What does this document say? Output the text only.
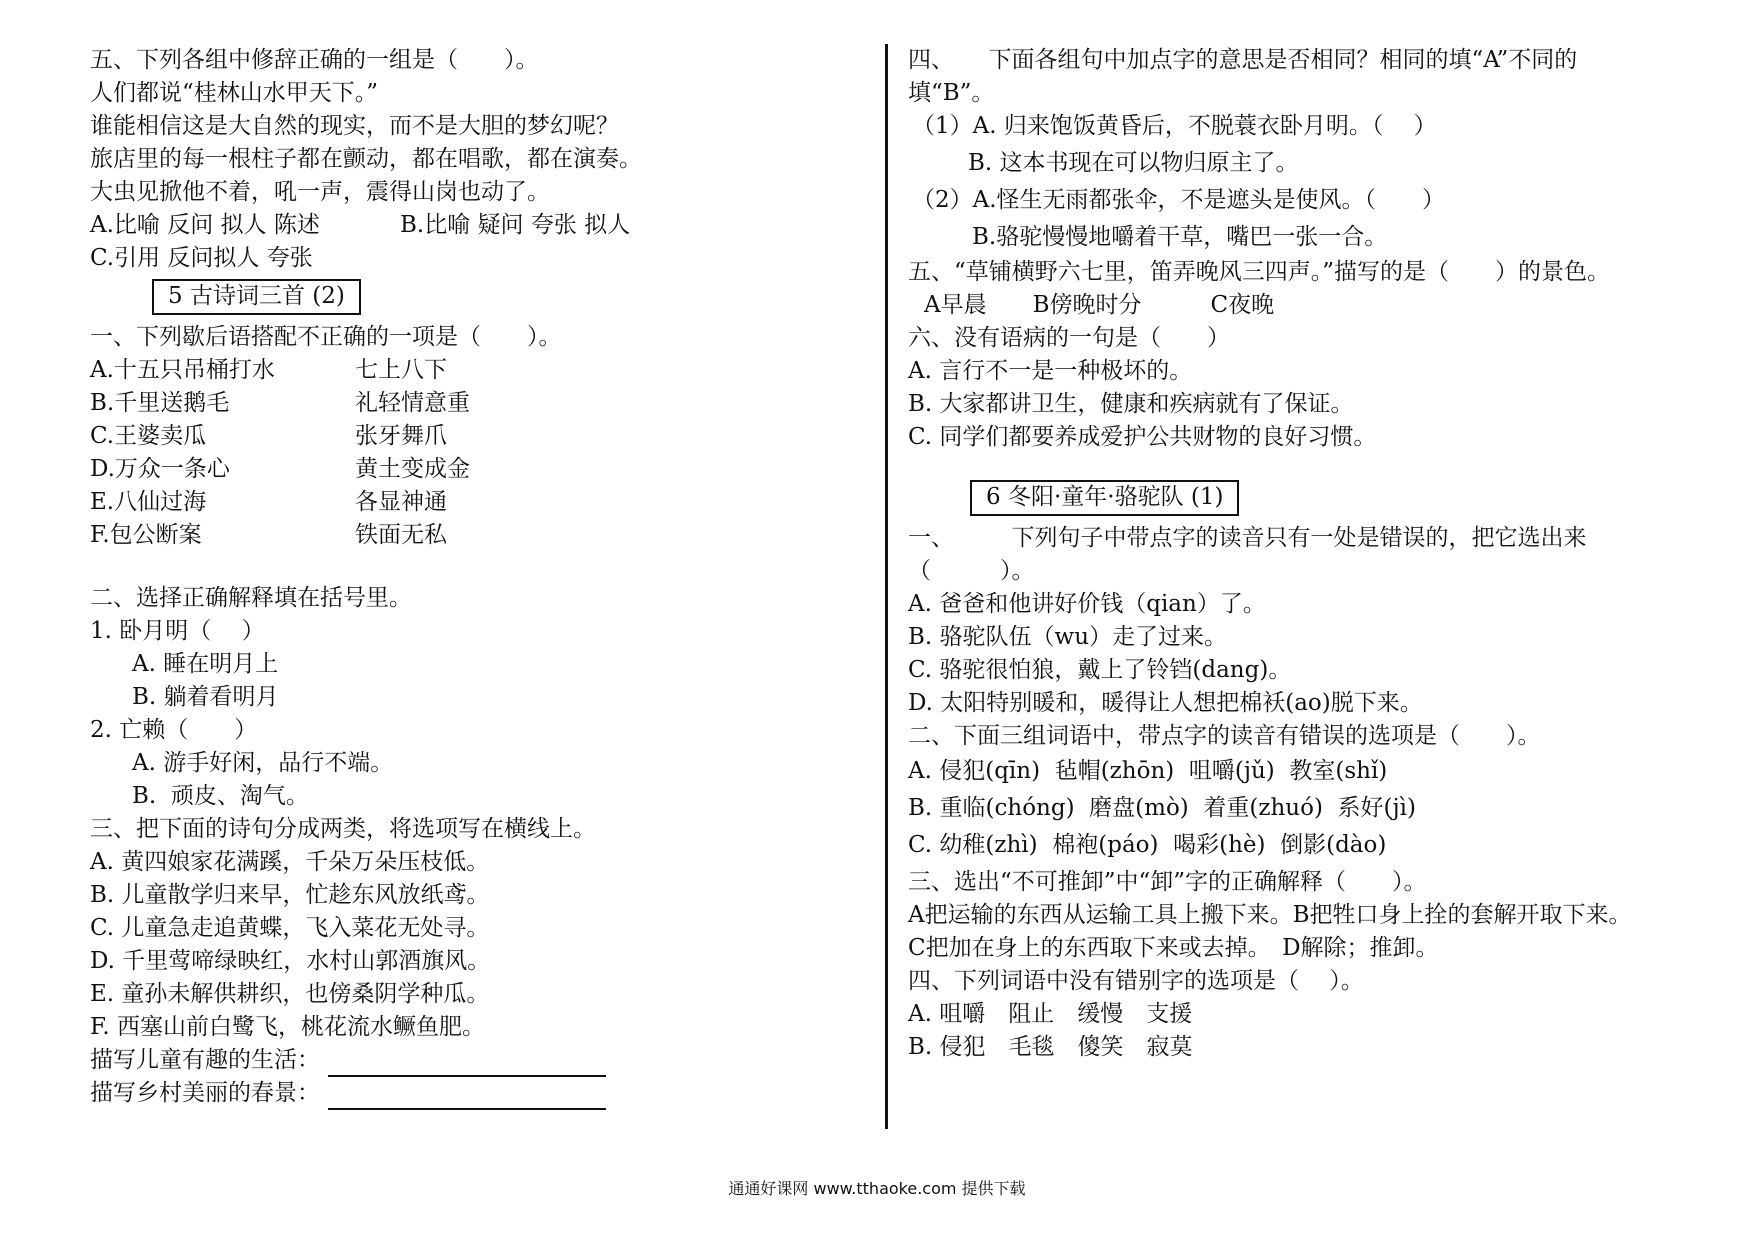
五、下列各组中修辞正确的一组是（　　）。
人们都说“桂林山水甲天下。”
谁能相信这是大自然的现实，而不是大胆的梦幻呢？
旅店里的每一根柱子都在颤动，都在唱歌，都在演奏。
大虫见掀他不着，吼一声，震得山岗也动了。
A.比喻 反问 拟人 陈述	B.比喻 疑问 夸张 拟人
C.引用 反问拟人 夸张
5 古诗词三首 (2)
一、下列歇后语搭配不正确的一项是（　　）。
A.十五只吊桶打水	七上八下
B.千里送鹅毛	礼轻情意重
C.王婆卖瓜	张牙舞爪
D.万众一条心	黄土变成金
E.八仙过海	各显神通
F.包公断案	铁面无私
二、选择正确解释填在括号里。
1. 卧月明（　 ）
A. 睡在明月上
B. 躺着看明月
2. 亡赖（　　）
A. 游手好闲，品行不端。
B.  顽皮、淘气。
三、把下面的诗句分成两类，将选项写在横线上。
A. 黄四娘家花满蹊，千朵万朵压枝低。
B. 儿童散学归来早，忙趁东风放纸鸢。
C. 儿童急走追黄蝶，飞入菜花无处寻。
D. 千里莺啼绿映红，水村山郭酒旗风。
E. 童孙未解供耕织，也傍桑阴学种瓜。
F. 西塞山前白鹭飞，桃花流水鳜鱼肥。
描写儿童有趣的生活：
描写乡村美丽的春景：
四、　　下面各组句中加点字的意思是否相同？相同的填“A”不同的
填“B”。
（1）A. 归来饱饭黄昏后，不脱蓑衣卧月明。（　 ）
B. 这本书现在可以物归原主了。
（2）A.怪生无雨都张伞，不是遮头是使风。（　　）
B.骆驼慢慢地嚼着干草，嘴巴一张一合。
五、“草铺横野六七里，笛弄晚风三四声。”描写的是（　　）的景色。
A早晨　　B傍晚时分　　　C夜晚
六、没有语病的一句是（　　）
A. 言行不一是一种极坏的。
B. 大家都讲卫生，健康和疾病就有了保证。
C. 同学们都要养成爱护公共财物的良好习惯。
6 冬阳·童年·骆驼队 (1)
一、　　　下列句子中带点字的读音只有一处是错误的，把它选出来
（　　　）。
A. 爸爸和他讲好价钱（qian）了。
B. 骆驼队伍（wu）走了过来。
C. 骆驼很怕狼，戴上了铃铛(dang)。
D. 太阳特别暖和，暖得让人想把棉袄(ao)脱下来。
二、下面三组词语中，带点字的读音有错误的选项是（　　）。
A. 侵犯(qīn)  毡帽(zhōn)  咀嚼(jǔ)  教室(shǐ)
B. 重临(chóng)  磨盘(mò)  着重(zhuó)  系好(jì)
C. 幼稚(zhì)  棉袍(páo)  喝彩(hè)  倒影(dào)
三、选出“不可推卸”中“卸”字的正确解释（　　）。
A把运输的东西从运输工具上搬下来。B把牲口身上拴的套解开取下来。
C把加在身上的东西取下来或去掉。　D解除；推卸。
四、下列词语中没有错别字的选项是（　 ）。
A. 咀嚼　阻止　缓慢　支援
B. 侵犯　毛毯　傻笑　寂莫
通通好课网 www.tthaoke.com 提供下载
